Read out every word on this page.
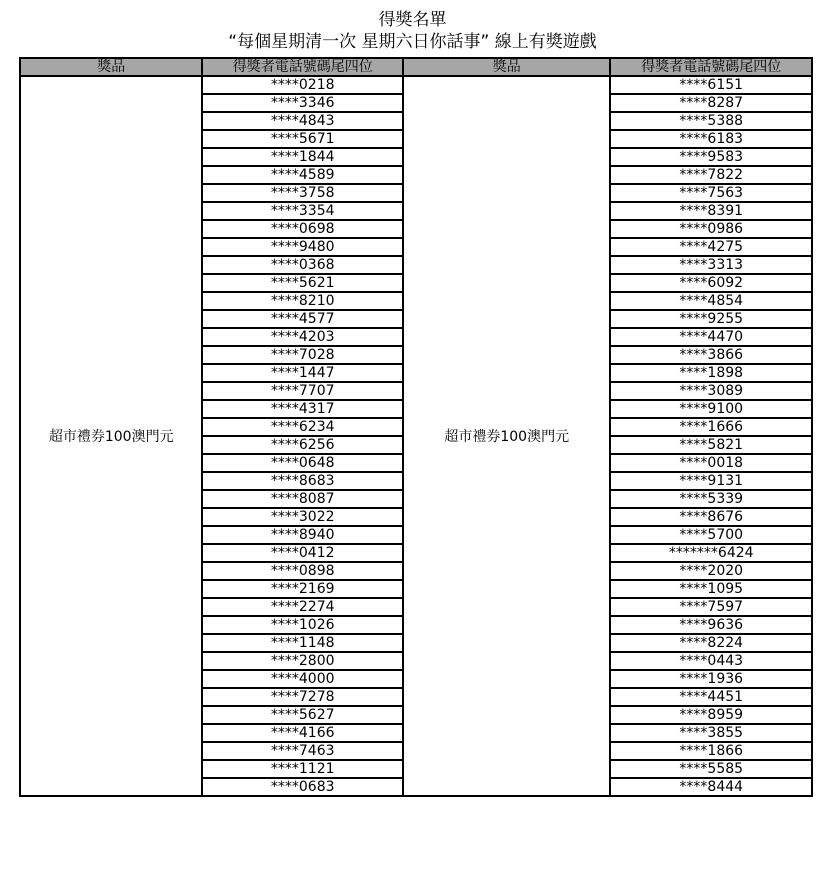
得獎名單
“每個星期清一次 星期六日你話事” 線上有獎遊戲
獎品	得獎者電話號碼尾四位	獎品	得獎者電話號碼尾四位
超市禮券100澳門元	****0218	超市禮券100澳門元	****6151
	****3346		****8287
	****4843		****5388
	****5671		****6183
	****1844		****9583
	****4589		****7822
	****3758		****7563
	****3354		****8391
	****0698		****0986
	****9480		****4275
	****0368		****3313
	****5621		****6092
	****8210		****4854
	****4577		****9255
	****4203		****4470
	****7028		****3866
	****1447		****1898
	****7707		****3089
	****4317		****9100
	****6234		****1666
	****6256		****5821
	****0648		****0018
	****8683		****9131
	****8087		****5339
	****3022		****8676
	****8940		****5700
	****0412		*******6424
	****0898		****2020
	****2169		****1095
	****2274		****7597
	****1026		****9636
	****1148		****8224
	****2800		****0443
	****4000		****1936
	****7278		****4451
	****5627		****8959
	****4166		****3855
	****7463		****1866
	****1121		****5585
	****0683		****8444
